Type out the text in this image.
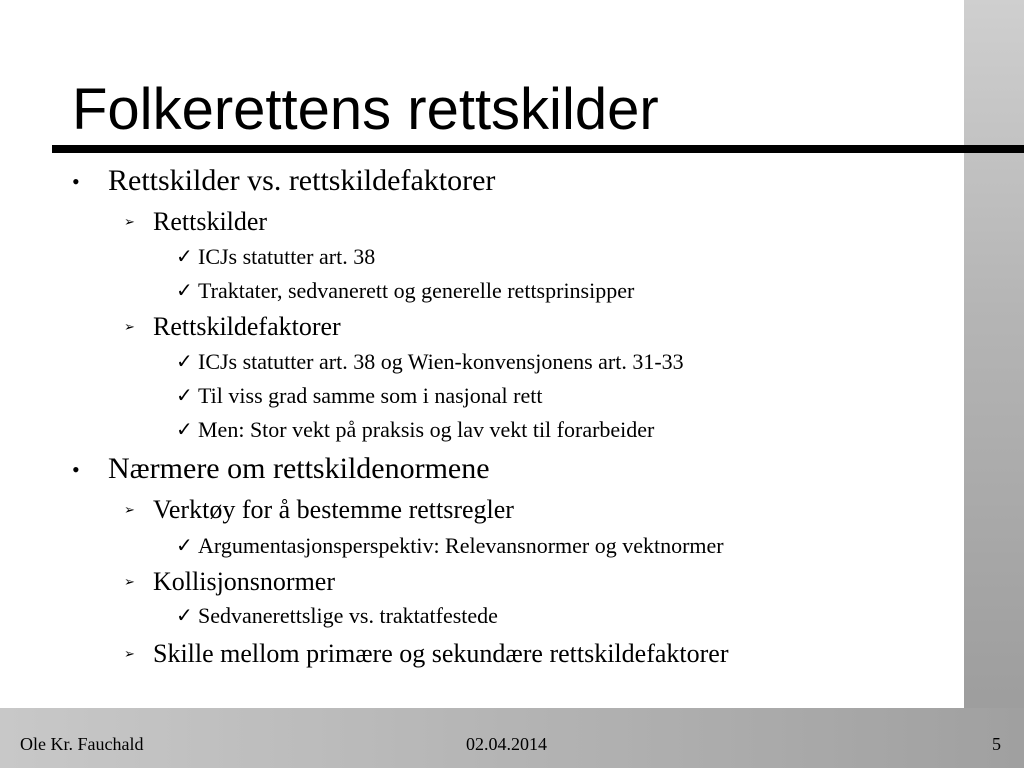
Folkerettens rettskilder
• Rettskilder vs. rettskildefaktorer
➢ Rettskilder
✓ ICJs statutter art. 38
✓ Traktater, sedvanerett og generelle rettsprinsipper
➢ Rettskildefaktorer
✓ ICJs statutter art. 38 og Wien-konvensjonens art. 31-33
✓ Til viss grad samme som i nasjonal rett
✓ Men: Stor vekt på praksis og lav vekt til forarbeider
• Nærmere om rettskildenormene
➢ Verktøy for å bestemme rettsregler
✓ Argumentasjonsperspektiv: Relevansnormer og vektnormer
➢ Kollisjonsnormer
✓ Sedvanerettslige vs. traktatfestede
➢ Skille mellom primære og sekundære rettskildefaktorer
Ole Kr. Fauchald	02.04.2014	5
